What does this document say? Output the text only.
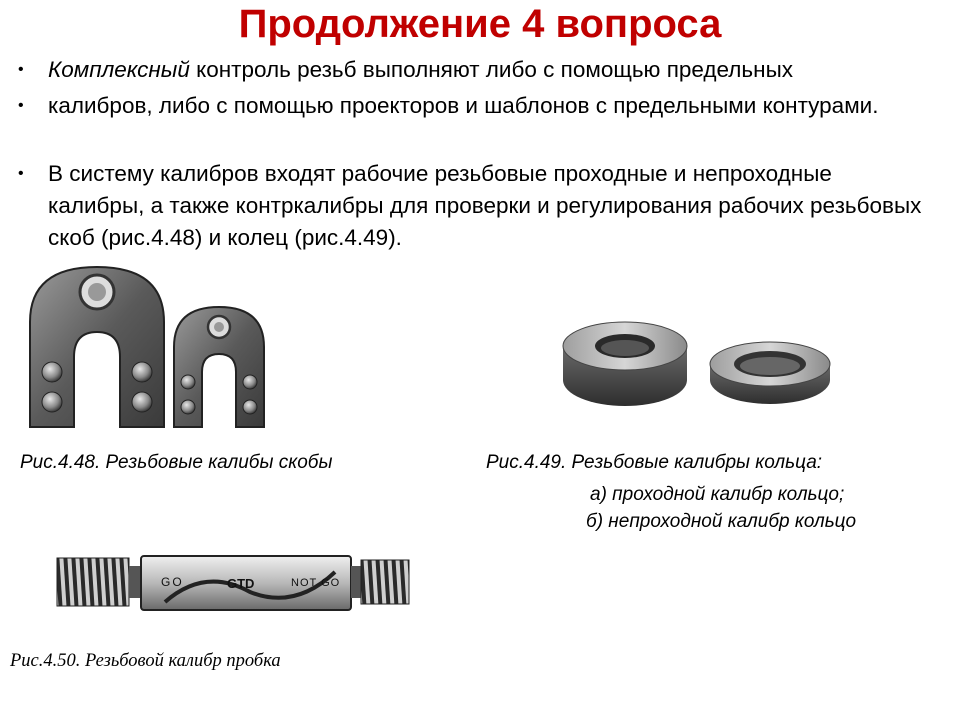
Продолжение 4 вопроса
• Комплексный контроль резьб выполняют либо с помощью предельных
• калибров, либо с помощью проекторов и шаблонов с предельными контурами.
• В систему калибров входят рабочие резьбовые проходные и непроходные калибры, а также контркалибры для проверки и регулирования рабочих резьбовых скоб (рис.4.48) и колец (рис.4.49).
Рис.4.48. Резьбовые калибы скобы	Рис.4.49. Резьбовые калибры кольца:
а) проходной калибр кольцо;
б) непроходной калибр кольцо
GO	GTD	NOT GO
Рис.4.50. Резьбовой калибр пробка
